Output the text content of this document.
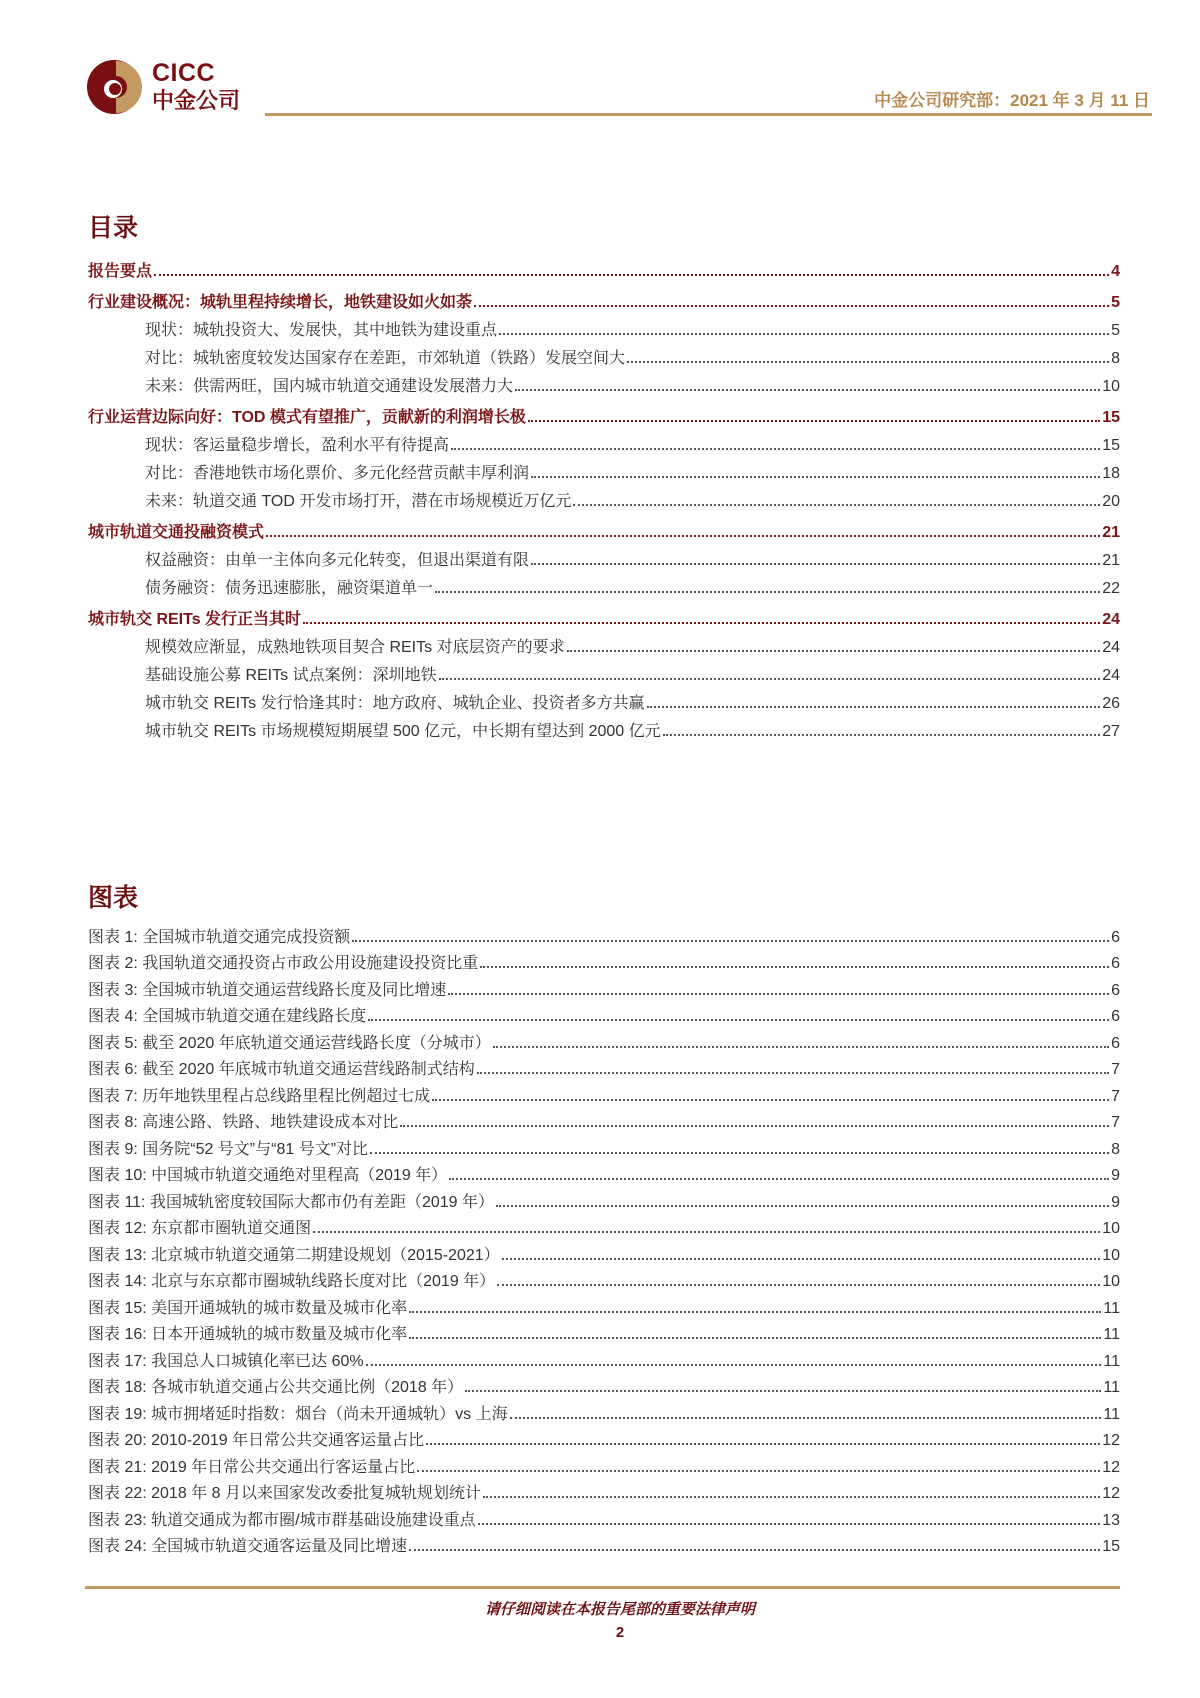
CICC
中金公司	中金公司研究部：2021 年 3 月 11 日
目录
报告要点	4
行业建设概况：城轨里程持续增长，地铁建设如火如荼	5
现状：城轨投资大、发展快，其中地铁为建设重点	5
对比：城轨密度较发达国家存在差距，市郊轨道（铁路）发展空间大	8
未来：供需两旺，国内城市轨道交通建设发展潜力大	10
行业运营边际向好：TOD 模式有望推广，贡献新的利润增长极	15
现状：客运量稳步增长，盈利水平有待提高	15
对比：香港地铁市场化票价、多元化经营贡献丰厚利润	18
未来：轨道交通 TOD 开发市场打开，潜在市场规模近万亿元	20
城市轨道交通投融资模式	21
权益融资：由单一主体向多元化转变，但退出渠道有限	21
债务融资：债务迅速膨胀，融资渠道单一	22
城市轨交 REITs 发行正当其时	24
规模效应渐显，成熟地铁项目契合 REITs 对底层资产的要求	24
基础设施公募 REITs 试点案例：深圳地铁	24
城市轨交 REITs 发行恰逢其时：地方政府、城轨企业、投资者多方共赢	26
城市轨交 REITs 市场规模短期展望 500 亿元，中长期有望达到 2000 亿元	27
图表
图表 1: 全国城市轨道交通完成投资额	6
图表 2: 我国轨道交通投资占市政公用设施建设投资比重	6
图表 3: 全国城市轨道交通运营线路长度及同比增速	6
图表 4: 全国城市轨道交通在建线路长度	6
图表 5: 截至 2020 年底轨道交通运营线路长度（分城市）	6
图表 6: 截至 2020 年底城市轨道交通运营线路制式结构	7
图表 7: 历年地铁里程占总线路里程比例超过七成	7
图表 8: 高速公路、铁路、地铁建设成本对比	7
图表 9: 国务院“52 号文”与“81 号文”对比	8
图表 10: 中国城市轨道交通绝对里程高（2019 年）	9
图表 11: 我国城轨密度较国际大都市仍有差距（2019 年）	9
图表 12: 东京都市圈轨道交通图	10
图表 13: 北京城市轨道交通第二期建设规划（2015-2021）	10
图表 14: 北京与东京都市圈城轨线路长度对比（2019 年）	10
图表 15: 美国开通城轨的城市数量及城市化率	11
图表 16: 日本开通城轨的城市数量及城市化率	11
图表 17: 我国总人口城镇化率已达 60%	11
图表 18: 各城市轨道交通占公共交通比例（2018 年）	11
图表 19: 城市拥堵延时指数：烟台（尚未开通城轨）vs 上海	11
图表 20: 2010-2019 年日常公共交通客运量占比	12
图表 21: 2019 年日常公共交通出行客运量占比	12
图表 22: 2018 年 8 月以来国家发改委批复城轨规划统计	12
图表 23: 轨道交通成为都市圈/城市群基础设施建设重点	13
图表 24: 全国城市轨道交通客运量及同比增速	15
请仔细阅读在本报告尾部的重要法律声明
2
